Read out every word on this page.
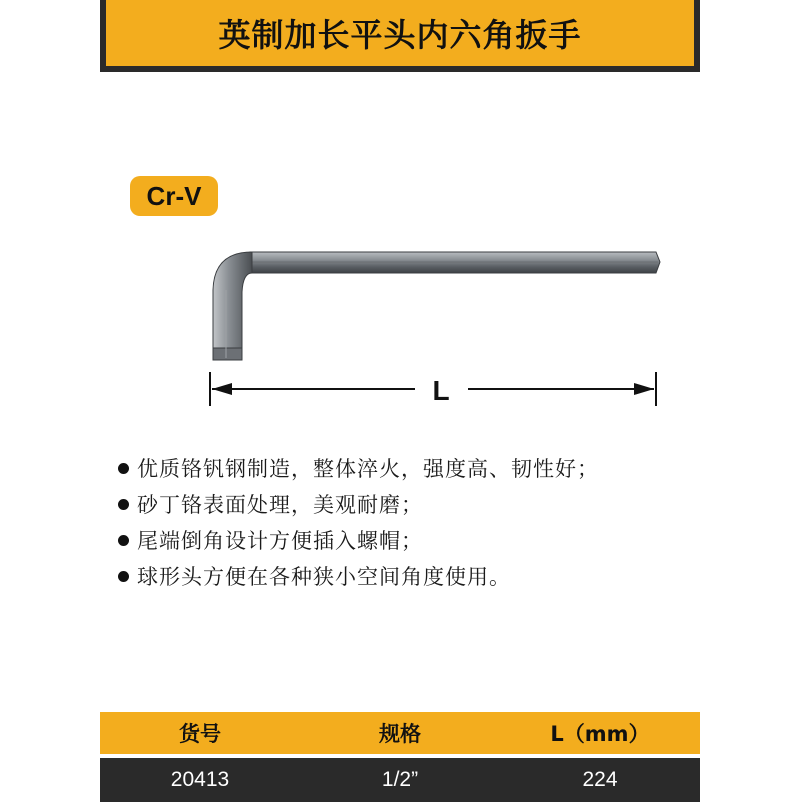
英制加长平头内六角扳手
Cr-V
L
优质铬钒钢制造，整体淬火，强度高、韧性好；
砂丁铬表面处理，美观耐磨；
尾端倒角设计方便插入螺帽；
球形头方便在各种狭小空间角度使用。
货号	规格	L（mm）

20413	1/2”	224
